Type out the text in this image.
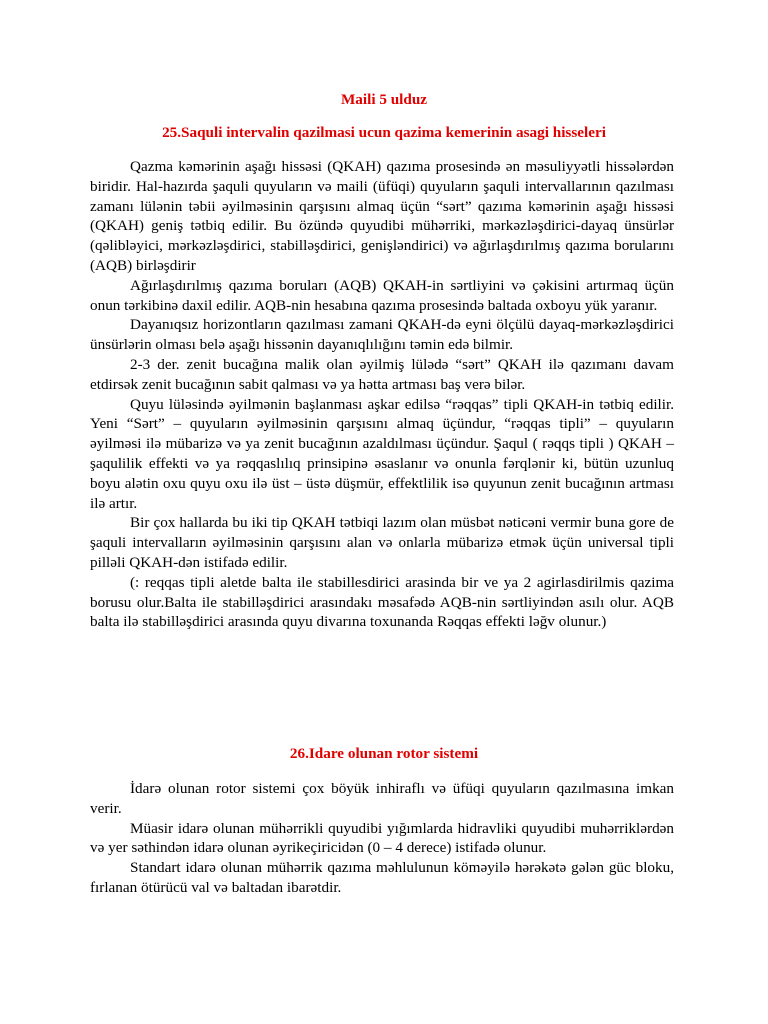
Maili 5 ulduz
25.Saquli intervalin qazilmasi ucun qazima kemerinin asagi hisseleri

Qazma kəmərinin aşağı hissəsi (QKAH) qazıma prosesində ən məsuliyyətli hissələrdən biridir. Hal-hazırda şaquli quyuların və maili (üfüqi) quyuların şaquli intervallarının qazılması zamanı lülənin təbii əyilməsinin qarşısını almaq üçün “sərt” qazıma kəmərinin aşağı hissəsi (QKAH) geniş tətbiq edilir. Bu özündə quyudibi mühərriki, mərkəzləşdirici-dayaq ünsürlər (qəlibləyici, mərkəzləşdirici, stabilləşdirici, genişləndirici) və ağırlaşdırılmış qazıma borularını (AQB) birləşdirir

Ağırlaşdırılmış qazıma boruları (AQB) QKAH-in sərtliyini və çəkisini artırmaq üçün onun tərkibinə daxil edilir. AQB-nin hesabına qazıma prosesində baltada oxboyu yük yaranır.

Dayanıqsız horizontların qazılması zamani QKAH-də eyni ölçülü dayaq-mərkəzləşdirici ünsürlərin olması belə aşağı hissənin dayanıqlılığını təmin edə bilmir.

2-3 der. zenit bucağına malik olan əyilmiş lülədə “sərt” QKAH ilə qazımanı davam etdirsək zenit bucağının sabit qalması və ya hətta artması baş verə bilər.

Quyu lüləsində əyilmənin başlanması aşkar edilsə “rəqqas” tipli QKAH-in tətbiq edilir. Yeni “Sərt” – quyuların əyilməsinin qarşısını almaq üçündur, “rəqqas tipli” – quyuların əyilməsi ilə mübarizə və ya zenit bucağının azaldılması üçündur. Şaqul ( rəqqs tipli ) QKAH – şaqulilik effekti və ya rəqqaslılıq prinsipinə əsaslanır və onunla fərqlənir ki, bütün uzunluq boyu alətin oxu quyu oxu ilə üst – üstə düşmür, effektlilik isə quyunun zenit bucağının artması ilə artır.

Bir çox hallarda bu iki tip QKAH tətbiqi lazım olan müsbət nəticəni vermir buna gore de şaquli intervalların əyilməsinin qarşısını alan və onlarla mübarizə etmək üçün universal tipli pilləli QKAH-dən istifadə edilir.

(: reqqas tipli aletde balta ile stabillesdirici arasinda bir ve ya 2 agirlasdirilmis qazima borusu olur.Balta ile stabilləşdirici arasındakı məsafədə AQB-nin sərtliyindən asılı olur. AQB balta ilə stabilləşdirici arasında quyu divarına toxunanda Rəqqas effekti ləğv olunur.)

26.Idare olunan rotor sistemi

İdarə olunan rotor sistemi çox böyük inhiraflı və üfüqi quyuların qazılmasına imkan verir.

Müasir idarə olunan mühərrikli quyudibi yığımlarda hidravliki quyudibi muhərriklərdən və yer səthindən idarə olunan əyrikeçiricidən (0 – 4 derece) istifadə olunur.

Standart idarə olunan mühərrik qazıma məhlulunun köməyilə hərəkətə gələn güc bloku, fırlanan ötürücü val və baltadan ibarətdir.
